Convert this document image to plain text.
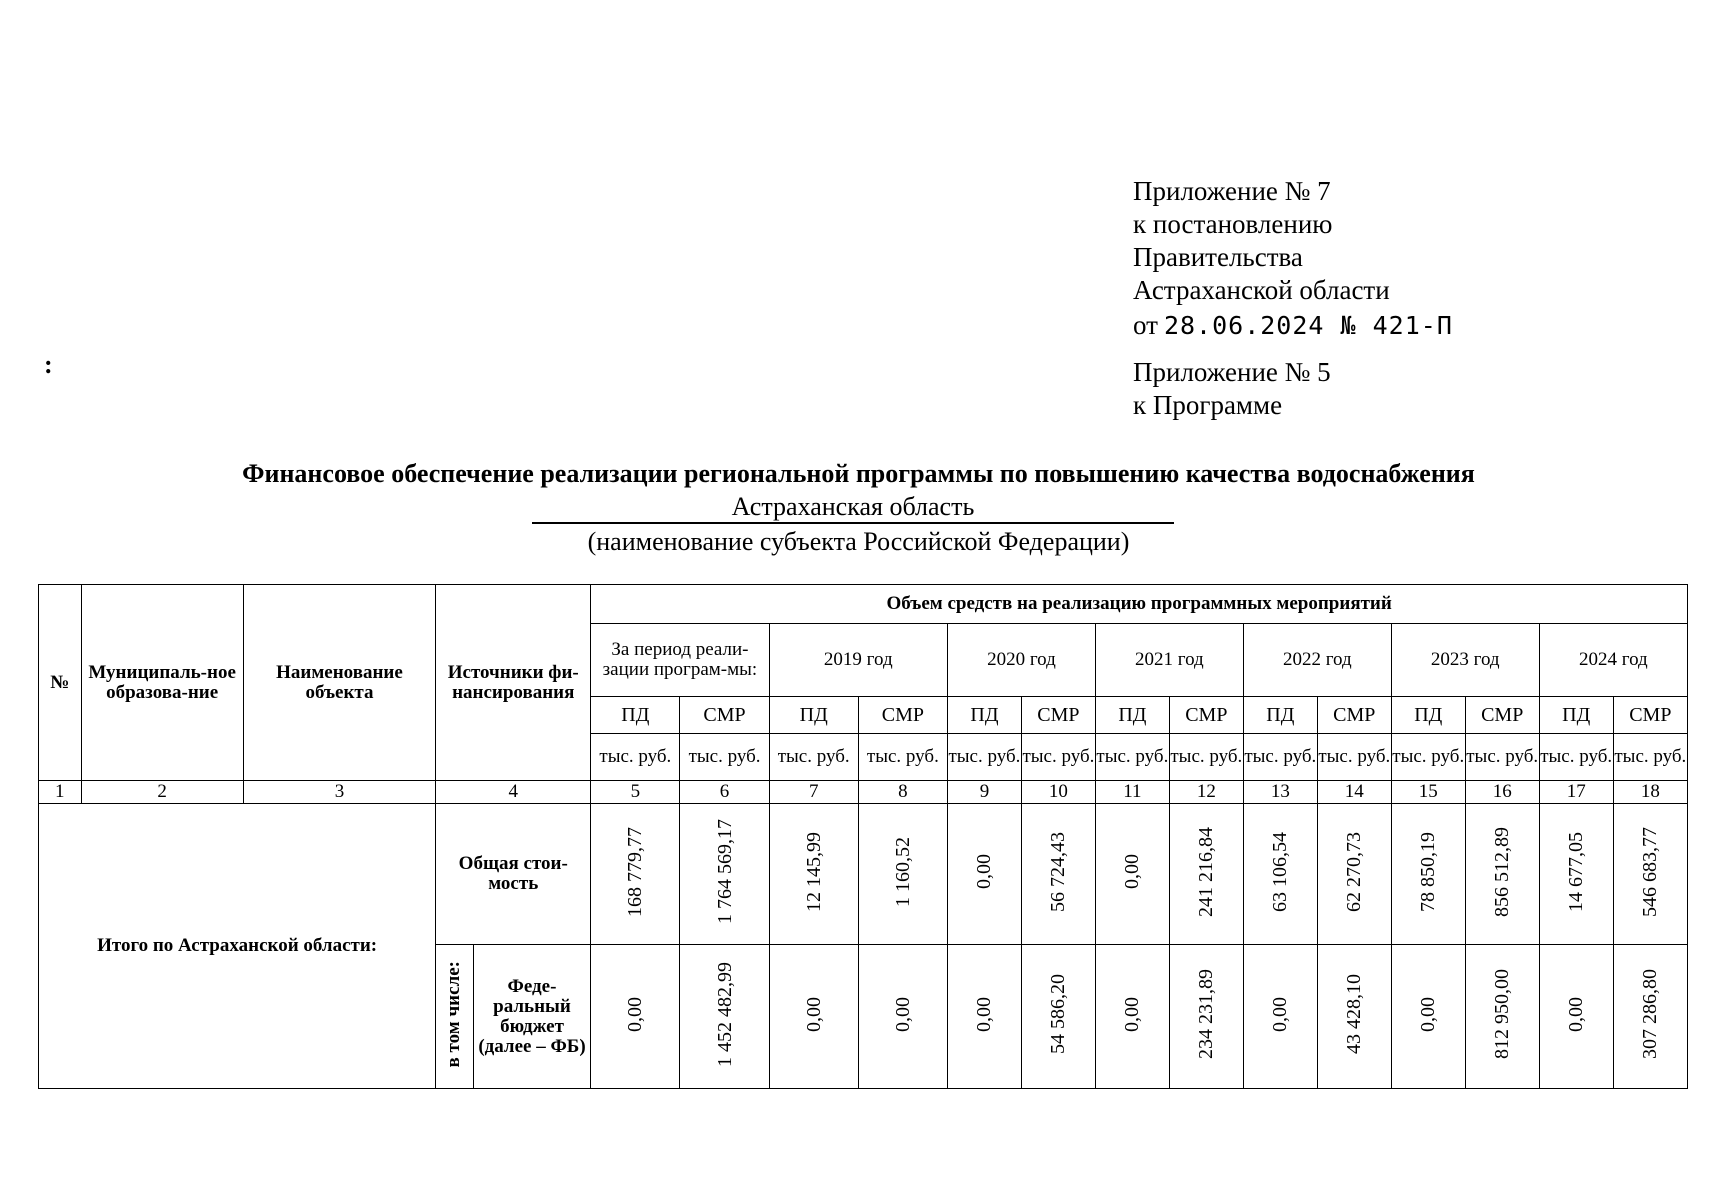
:
Приложение № 7
к постановлению
Правительства
Астраханской области
от 28.06.2024 № 421-П
Приложение № 5
к Программе
Финансовое обеспечение реализации региональной программы по повышению качества водоснабжения
Астраханская область
(наименование субъекта Российской Федерации)
№	Муниципаль-ное образова-ние	Наименование объекта	Источники фи-нансирования		Объем средств на реализацию программных мероприятий													
					За период реали-зации програм-мы:		2019 год		2020 год		2021 год		2022 год		2023 год		2024 год	
					ПД	СМР	ПД	СМР	ПД	СМР	ПД	СМР	ПД	СМР	ПД	СМР	ПД	СМР
					тыс. руб.	тыс. руб.	тыс. руб.	тыс. руб.	тыс. руб.	тыс. руб.	тыс. руб.	тыс. руб.	тыс. руб.	тыс. руб.	тыс. руб.	тыс. руб.	тыс. руб.	тыс. руб.
1	2	3	4		5	6	7	8	9	10	11	12	13	14	15	16	17	18
Итого по Астраханской области:			Общая стои-мость		168 779,77	1 764 569,17	12 145,99	1 160,52	0,00	56 724,43	0,00	241 216,84	63 106,54	62 270,73	78 850,19	856 512,89	14 677,05	546 683,77
			в том числе:	Феде-ральный бюджет (далее – ФБ)	0,00	1 452 482,99	0,00	0,00	0,00	54 586,20	0,00	234 231,89	0,00	43 428,10	0,00	812 950,00	0,00	307 286,80
